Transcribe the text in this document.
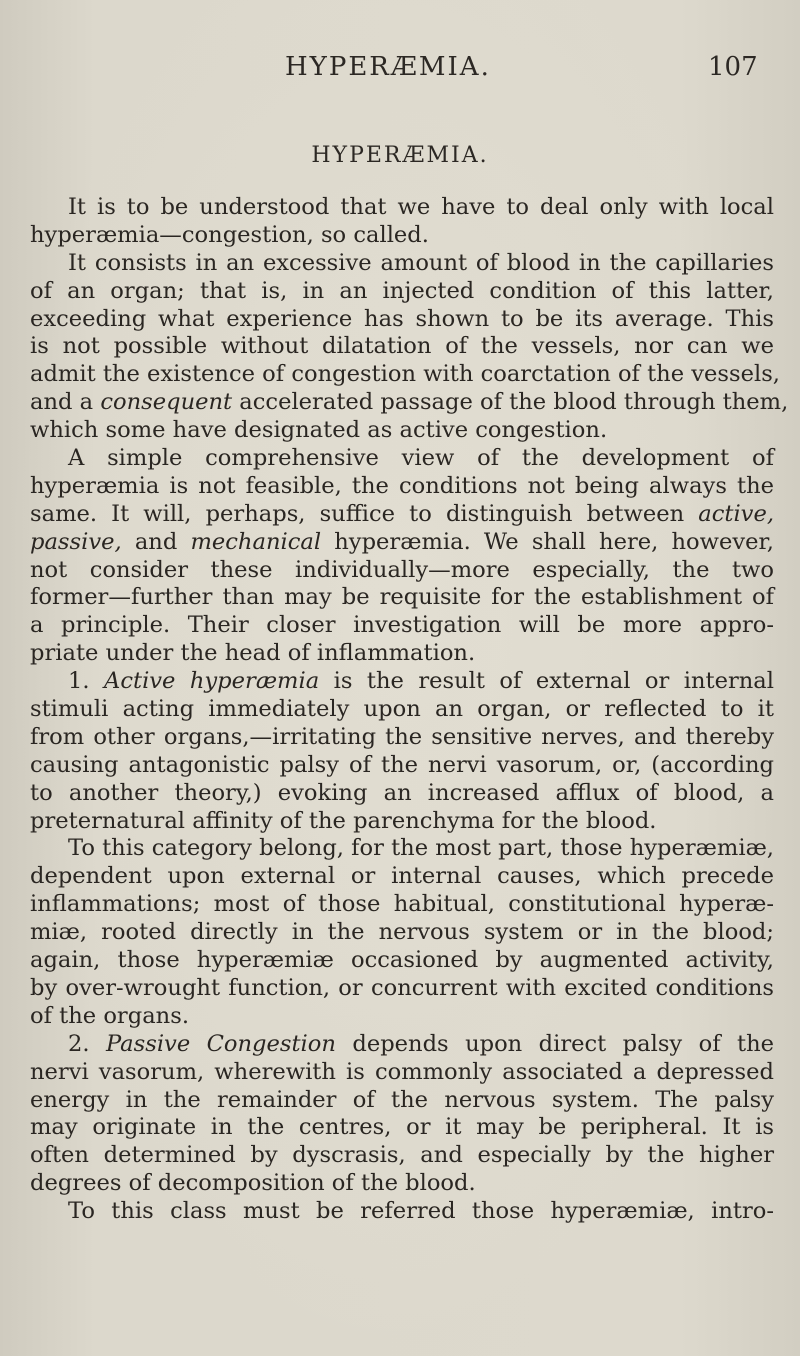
HYPERÆMIA.	107
HYPERÆMIA.
It is to be understood that we have to deal only with local
hyperæmia—congestion, so called.
It consists in an excessive amount of blood in the capillaries
of an organ; that is, in an injected condition of this latter,
exceeding what experience has shown to be its average. This
is not possible without dilatation of the vessels, nor can we
admit the existence of congestion with coarctation of the vessels,
and a consequent accelerated passage of the blood through them,
which some have designated as active congestion.
A simple comprehensive view of the development of
hyperæmia is not feasible, the conditions not being always the
same. It will, perhaps, suffice to distinguish between active,
passive, and mechanical hyperæmia. We shall here, however,
not consider these individually—more especially, the two
former—further than may be requisite for the establishment of
a principle. Their closer investigation will be more appro-
priate under the head of inflammation.
1. Active hyperæmia is the result of external or internal
stimuli acting immediately upon an organ, or reflected to it
from other organs,—irritating the sensitive nerves, and thereby
causing antagonistic palsy of the nervi vasorum, or, (according
to another theory,) evoking an increased afflux of blood, a
preternatural affinity of the parenchyma for the blood.
To this category belong, for the most part, those hyperæmiæ,
dependent upon external or internal causes, which precede
inflammations; most of those habitual, constitutional hyperæ-
miæ, rooted directly in the nervous system or in the blood;
again, those hyperæmiæ occasioned by augmented activity,
by over-wrought function, or concurrent with excited conditions
of the organs.
2. Passive Congestion depends upon direct palsy of the
nervi vasorum, wherewith is commonly associated a depressed
energy in the remainder of the nervous system. The palsy
may originate in the centres, or it may be peripheral. It is
often determined by dyscrasis, and especially by the higher
degrees of decomposition of the blood.
To this class must be referred those hyperæmiæ, intro-
